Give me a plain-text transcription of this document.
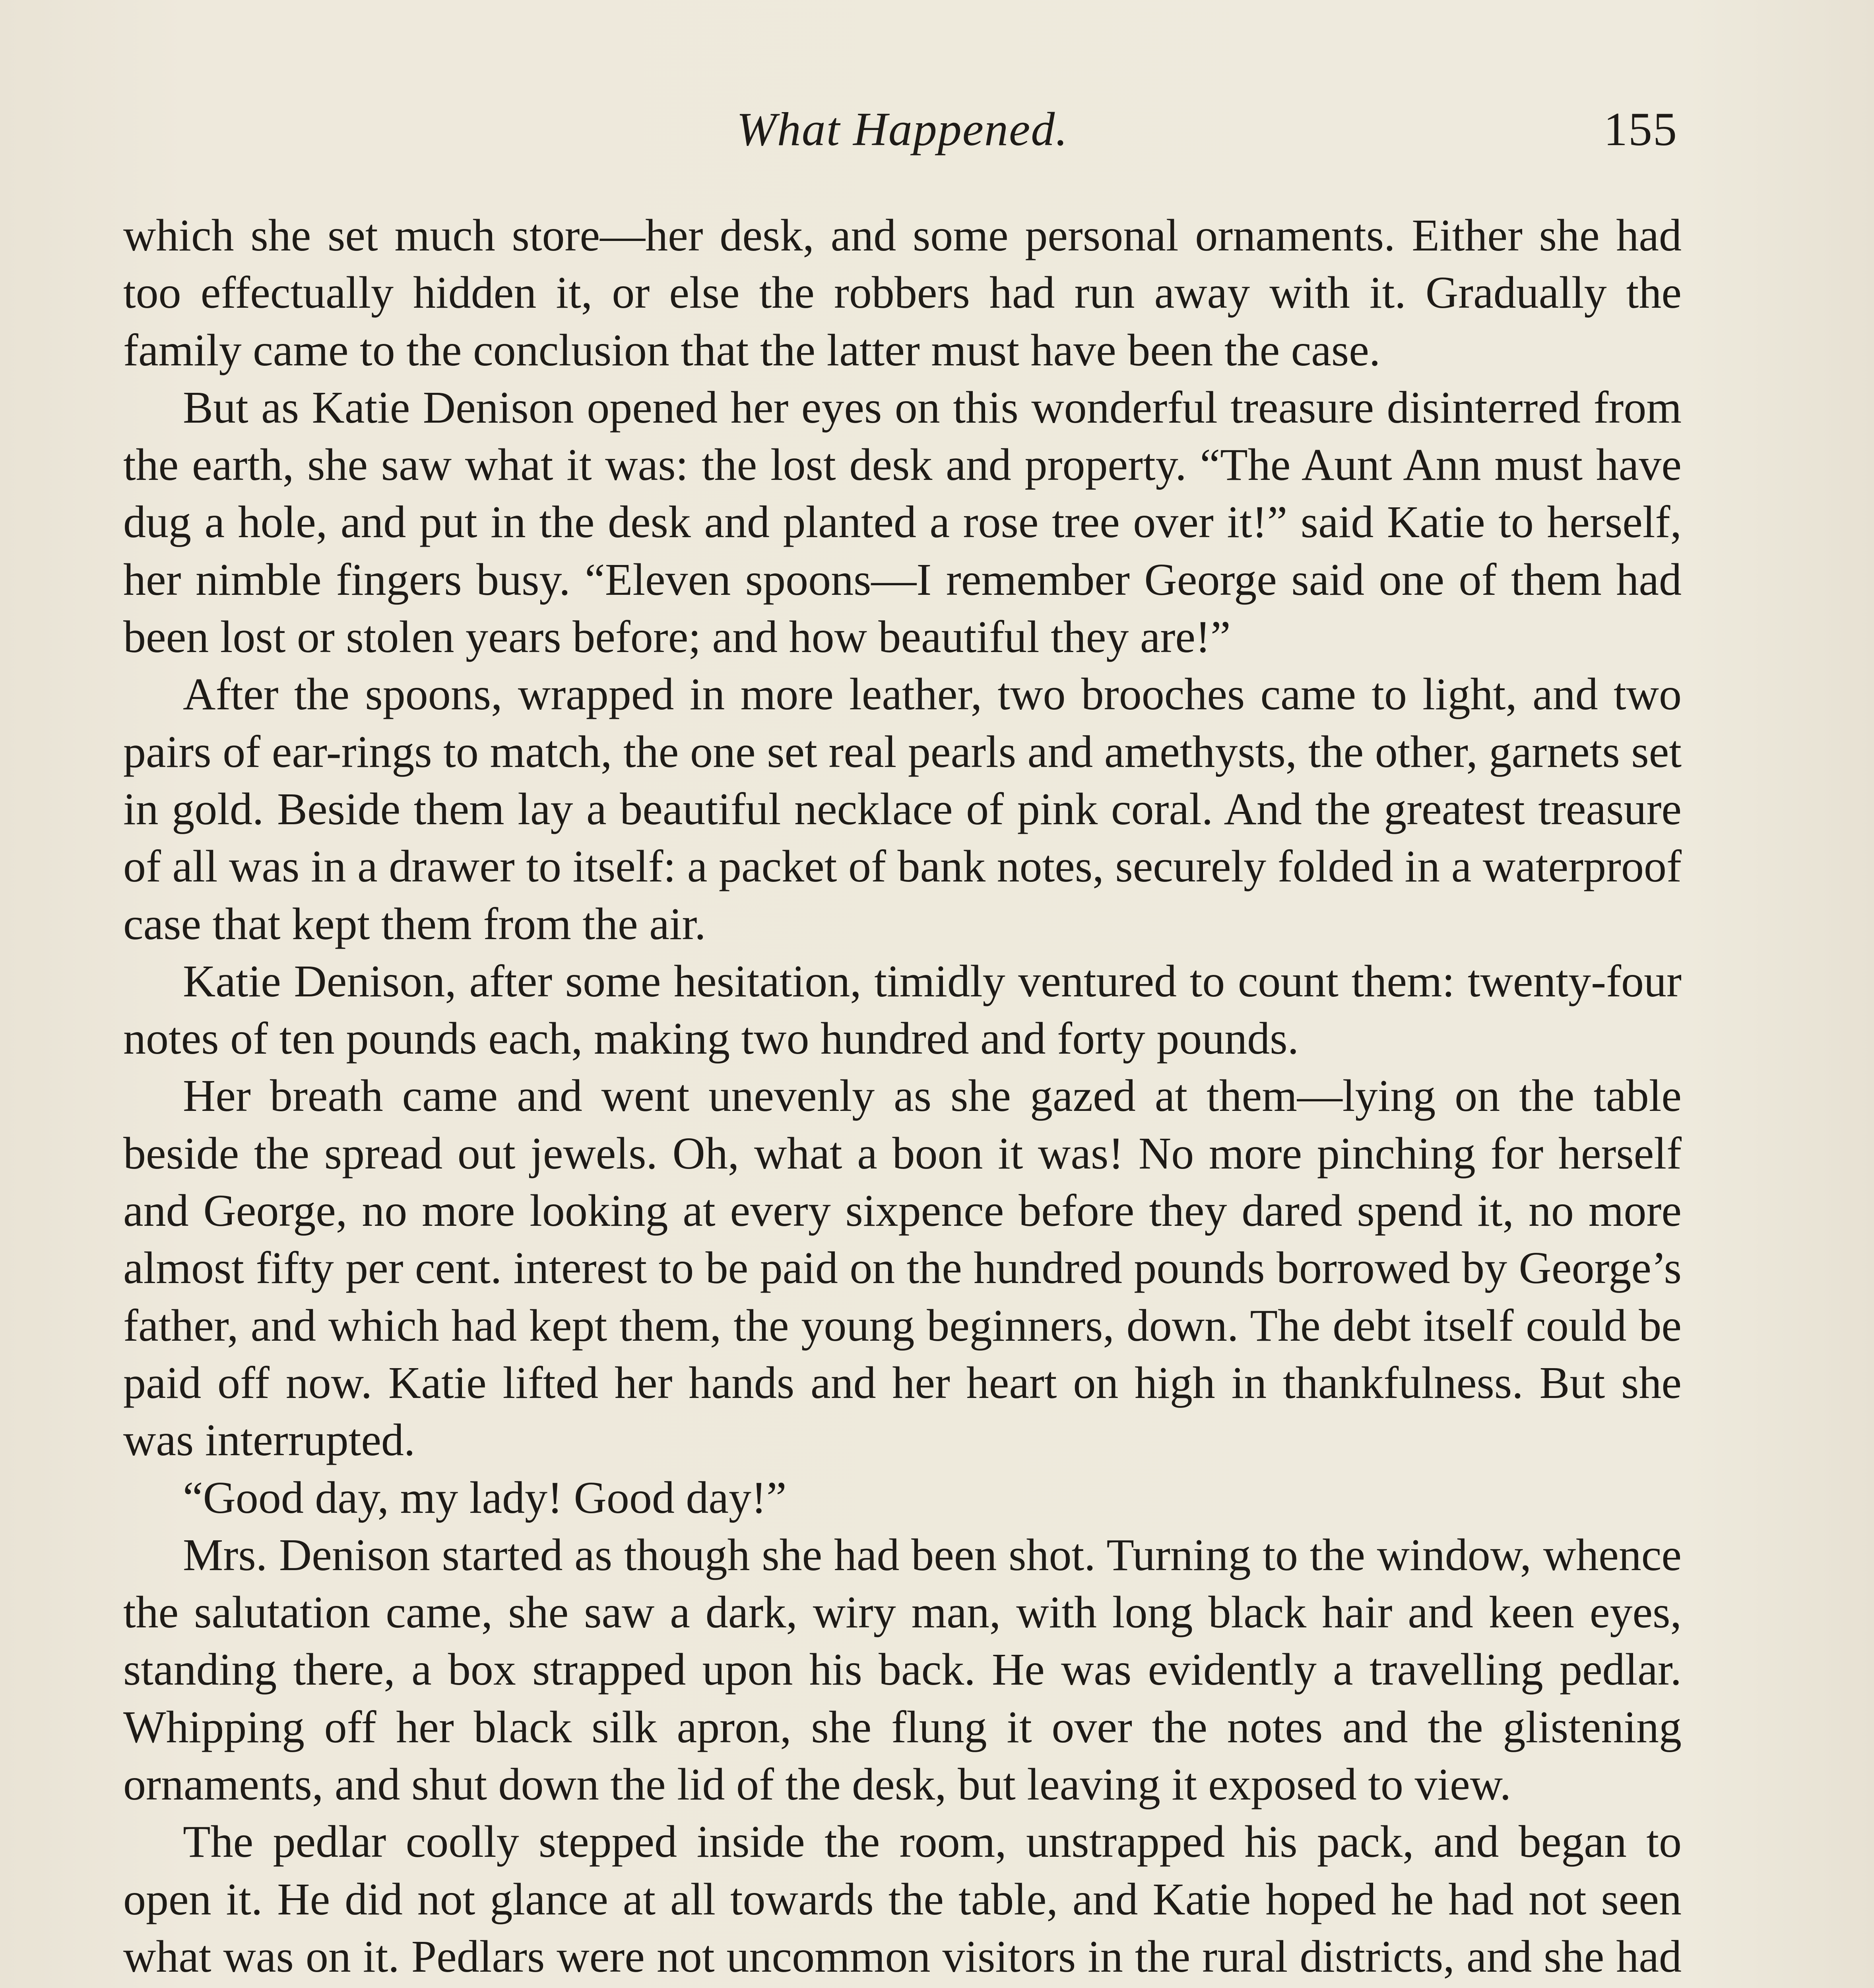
What Happened.	155

which she set much store—her desk, and some personal ornaments. Either she had too effectually hidden it, or else the robbers had run away with it. Gradually the family came to the conclusion that the latter must have been the case.

But as Katie Denison opened her eyes on this wonderful treasure disinterred from the earth, she saw what it was: the lost desk and property. “The Aunt Ann must have dug a hole, and put in the desk and planted a rose tree over it!” said Katie to herself, her nimble fingers busy. “Eleven spoons—I remember George said one of them had been lost or stolen years before; and how beautiful they are!”

After the spoons, wrapped in more leather, two brooches came to light, and two pairs of ear-rings to match, the one set real pearls and amethysts, the other, garnets set in gold. Beside them lay a beautiful necklace of pink coral. And the greatest treasure of all was in a drawer to itself: a packet of bank notes, securely folded in a waterproof case that kept them from the air.

Katie Denison, after some hesitation, timidly ventured to count them: twenty-four notes of ten pounds each, making two hundred and forty pounds.

Her breath came and went unevenly as she gazed at them—lying on the table beside the spread out jewels. Oh, what a boon it was! No more pinching for herself and George, no more looking at every sixpence before they dared spend it, no more almost fifty per cent. interest to be paid on the hundred pounds borrowed by George’s father, and which had kept them, the young beginners, down. The debt itself could be paid off now. Katie lifted her hands and her heart on high in thankfulness. But she was interrupted.

“Good day, my lady! Good day!”

Mrs. Denison started as though she had been shot. Turning to the window, whence the salutation came, she saw a dark, wiry man, with long black hair and keen eyes, standing there, a box strapped upon his back. He was evidently a travelling pedlar. Whipping off her black silk apron, she flung it over the notes and the glistening ornaments, and shut down the lid of the desk, but leaving it exposed to view.

The pedlar coolly stepped inside the room, unstrapped his pack, and began to open it. He did not glance at all towards the table, and Katie hoped he had not seen what was on it. Pedlars were not uncommon visitors in the rural districts, and she had
